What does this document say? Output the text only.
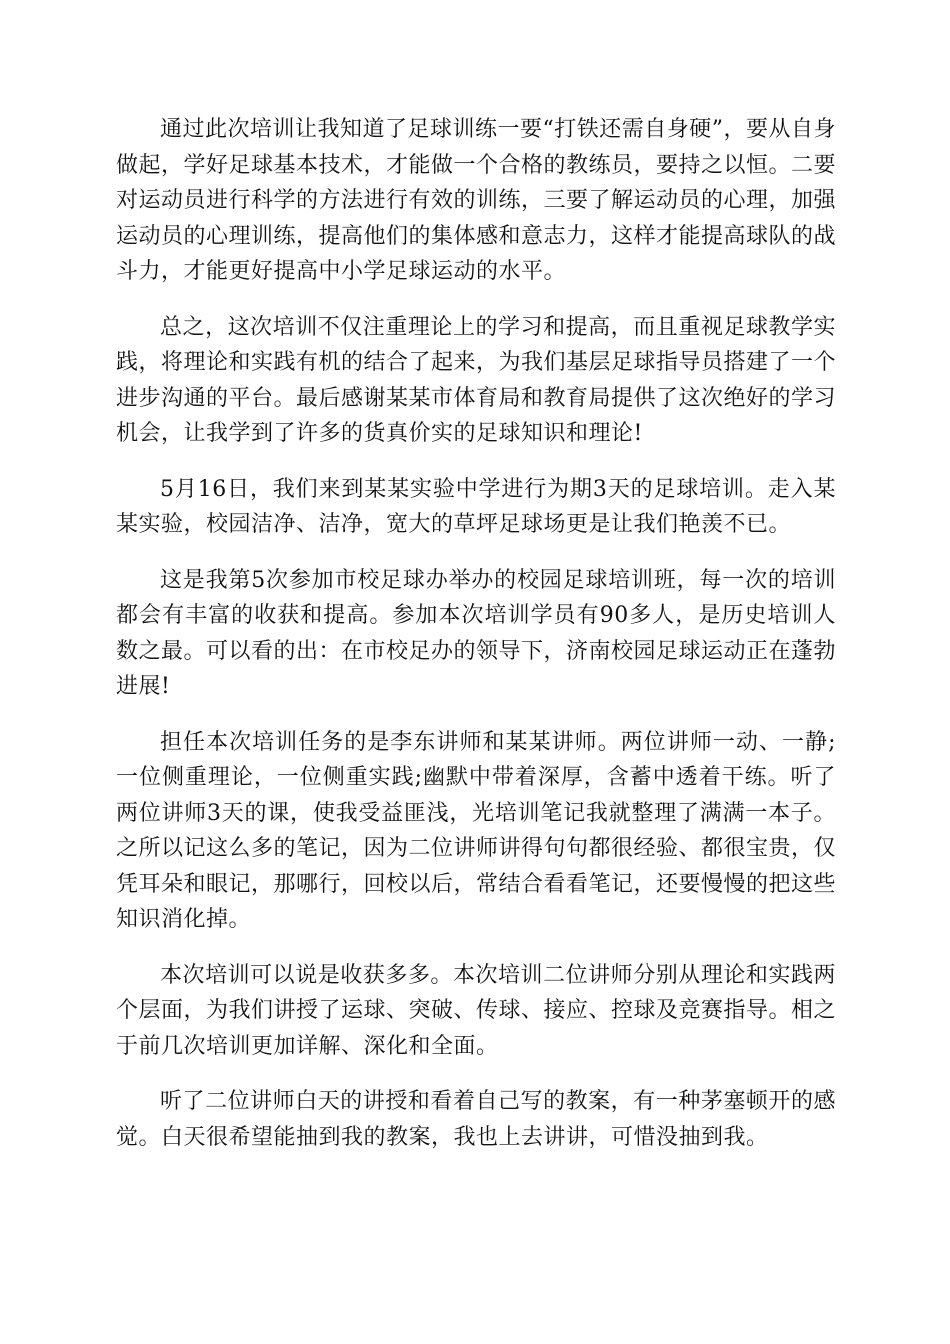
通过此次培训让我知道了足球训练一要“打铁还需自身硬”，要从自身做起，学好足球基本技术，才能做一个合格的教练员，要持之以恒。二要对运动员进行科学的方法进行有效的训练，三要了解运动员的心理，加强运动员的心理训练，提高他们的集体感和意志力，这样才能提高球队的战斗力，才能更好提高中小学足球运动的水平。

总之，这次培训不仅注重理论上的学习和提高，而且重视足球教学实践，将理论和实践有机的结合了起来，为我们基层足球指导员搭建了一个进步沟通的平台。最后感谢某某市体育局和教育局提供了这次绝好的学习机会，让我学到了许多的货真价实的足球知识和理论!

5月16日，我们来到某某实验中学进行为期3天的足球培训。走入某某实验，校园洁净、洁净，宽大的草坪足球场更是让我们艳羡不已。

这是我第5次参加市校足球办举办的校园足球培训班，每一次的培训都会有丰富的收获和提高。参加本次培训学员有90多人，是历史培训人数之最。可以看的出：在市校足办的领导下，济南校园足球运动正在蓬勃进展!

担任本次培训任务的是李东讲师和某某讲师。两位讲师一动、一静;一位侧重理论，一位侧重实践;幽默中带着深厚，含蓄中透着干练。听了两位讲师3天的课，使我受益匪浅，光培训笔记我就整理了满满一本子。之所以记这么多的笔记，因为二位讲师讲得句句都很经验、都很宝贵，仅凭耳朵和眼记，那哪行，回校以后，常结合看看笔记，还要慢慢的把这些知识消化掉。

本次培训可以说是收获多多。本次培训二位讲师分别从理论和实践两个层面，为我们讲授了运球、突破、传球、接应、控球及竞赛指导。相之于前几次培训更加详解、深化和全面。

听了二位讲师白天的讲授和看着自己写的教案，有一种茅塞顿开的感觉。白天很希望能抽到我的教案，我也上去讲讲，可惜没抽到我。
